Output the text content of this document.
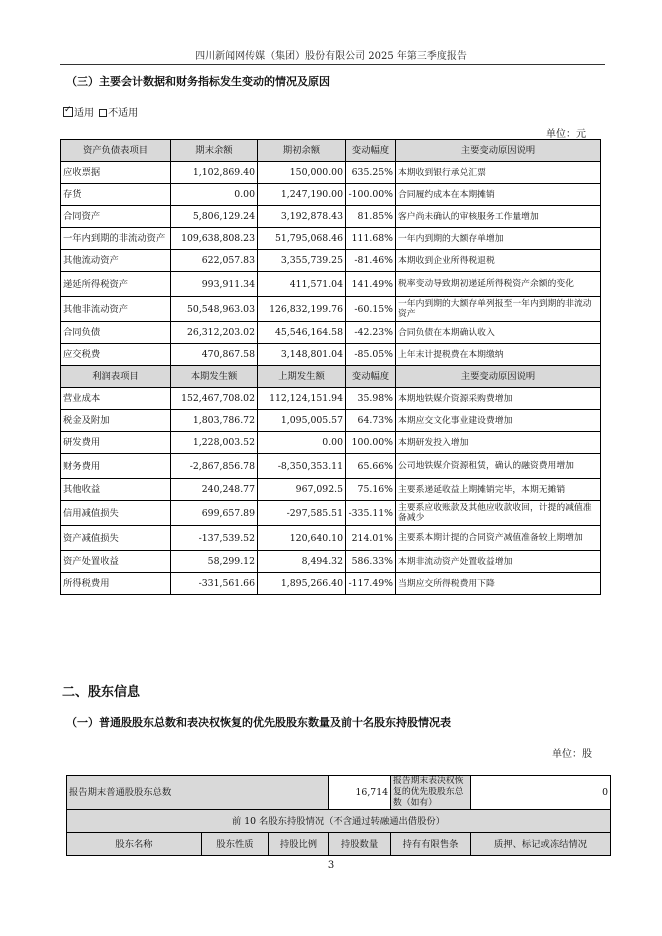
四川新闻网传媒（集团）股份有限公司 2025 年第三季度报告
（三）主要会计数据和财务指标发生变动的情况及原因
✓适用 不适用
单位：元
资产负债表项目	期末余额	期初余额	变动幅度	主要变动原因说明
应收票据	1,102,869.40	150,000.00	635.25%	本期收到银行承兑汇票
存货	0.00	1,247,190.00	-100.00%	合同履约成本在本期摊销
合同资产	5,806,129.24	3,192,878.43	81.85%	客户尚未确认的审核服务工作量增加
一年内到期的非流动资产	109,638,808.23	51,795,068.46	111.68%	一年内到期的大额存单增加
其他流动资产	622,057.83	3,355,739.25	-81.46%	本期收到企业所得税退税
递延所得税资产	993,911.34	411,571.04	141.49%	税率变动导致期初递延所得税资产余额的变化
其他非流动资产	50,548,963.03	126,832,199.76	-60.15%	一年内到期的大额存单列报至一年内到期的非流动资产
合同负债	26,312,203.02	45,546,164.58	-42.23%	合同负债在本期确认收入
应交税费	470,867.58	3,148,801.04	-85.05%	上年末计提税费在本期缴纳
利润表项目	本期发生额	上期发生额	变动幅度	主要变动原因说明
营业成本	152,467,708.02	112,124,151.94	35.98%	本期地铁媒介资源采购费增加
税金及附加	1,803,786.72	1,095,005.57	64.73%	本期应交文化事业建设费增加
研发费用	1,228,003.52	0.00	100.00%	本期研发投入增加
财务费用	-2,867,856.78	-8,350,353.11	65.66%	公司地铁媒介资源租赁，确认的融资费用增加
其他收益	240,248.77	967,092.5	75.16%	主要系递延收益上期摊销完毕，本期无摊销
信用减值损失	699,657.89	-297,585.51	-335.11%	主要系应收账款及其他应收款收回，计提的减值准备减少
资产减值损失	-137,539.52	120,640.10	214.01%	主要系本期计提的合同资产减值准备较上期增加
资产处置收益	58,299.12	8,494.32	586.33%	本期非流动资产处置收益增加
所得税费用	-331,561.66	1,895,266.40	-117.49%	当期应交所得税费用下降
二、股东信息
（一）普通股股东总数和表决权恢复的优先股股东数量及前十名股东持股情况表
单位：股
报告期末普通股股东总数			16,714	报告期末表决权恢复的优先股股东总数（如有）	0
前 10 名股东持股情况（不含通过转融通出借股份）					
股东名称	股东性质	持股比例	持股数量	持有有限售条	质押、标记或冻结情况
3
